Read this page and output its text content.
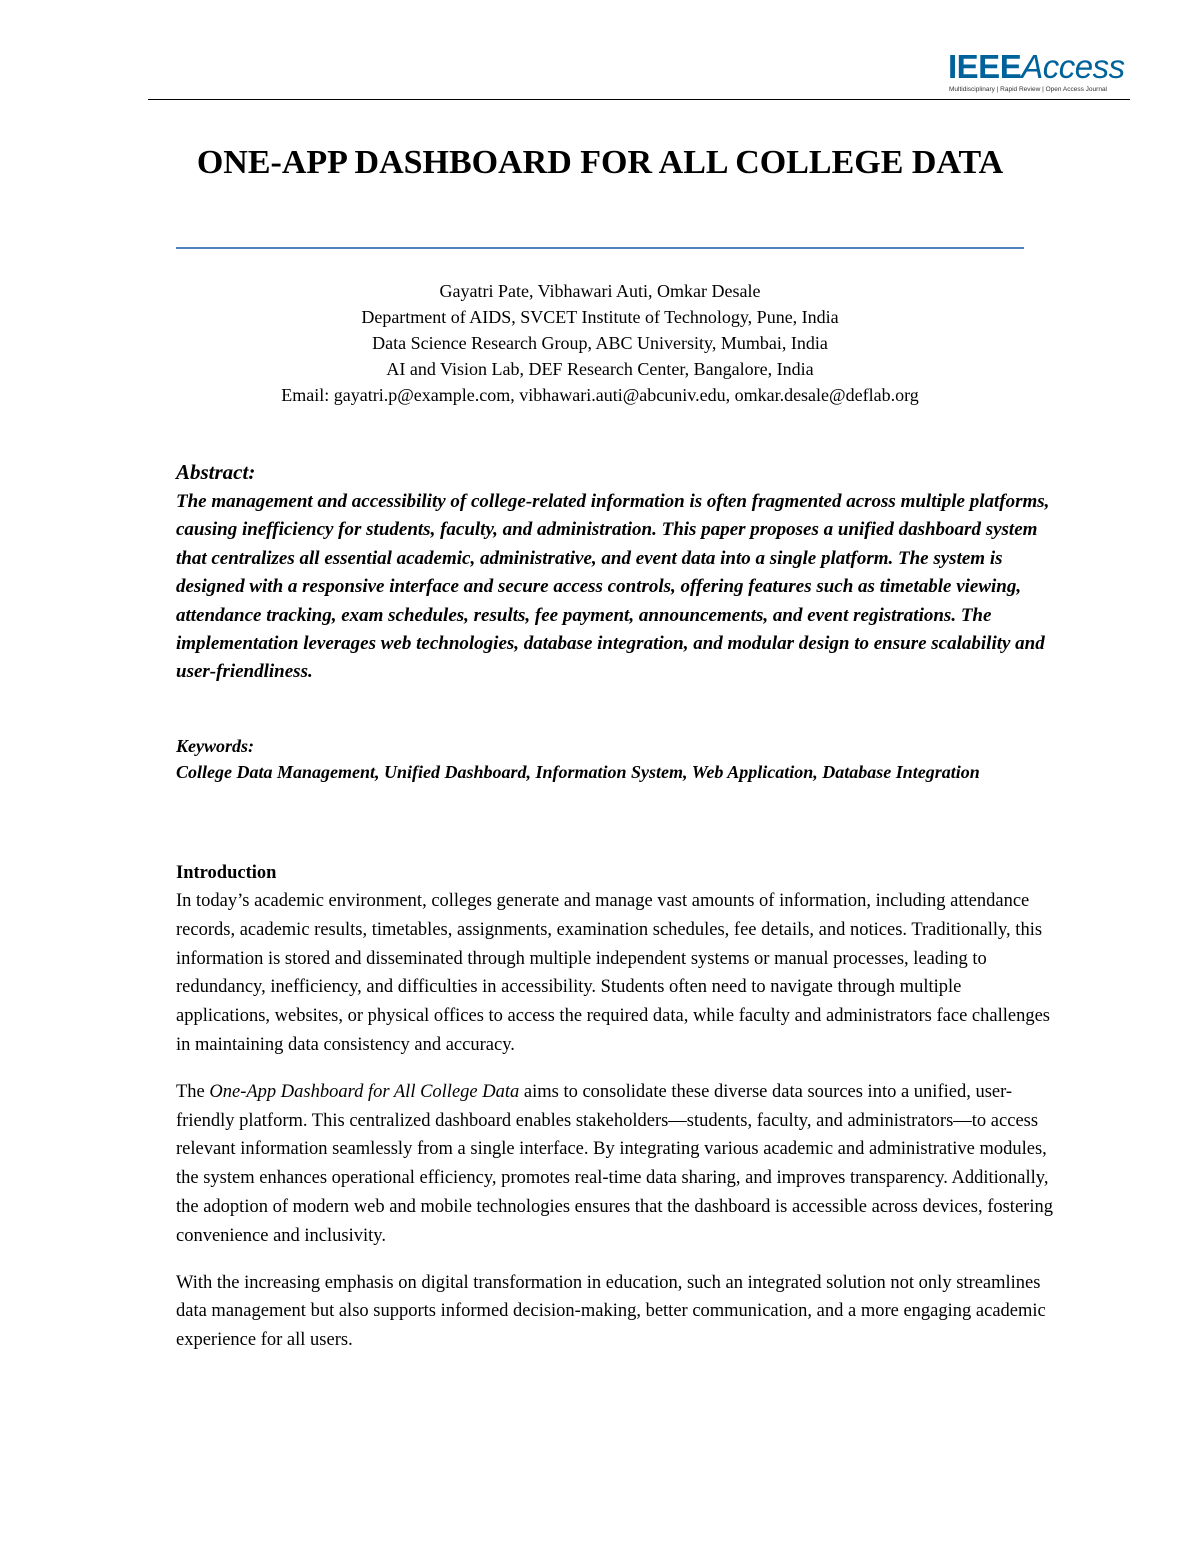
IEEEAccess
Multidisciplinary | Rapid Review | Open Access Journal
ONE-APP DASHBOARD FOR ALL COLLEGE DATA
Gayatri Pate, Vibhawari Auti, Omkar Desale
Department of AIDS, SVCET Institute of Technology, Pune, India
Data Science Research Group, ABC University, Mumbai, India
AI and Vision Lab, DEF Research Center, Bangalore, India
Email: gayatri.p@example.com, vibhawari.auti@abcuniv.edu, omkar.desale@deflab.org
Abstract:
The management and accessibility of college-related information is often fragmented across multiple platforms, causing inefficiency for students, faculty, and administration. This paper proposes a unified dashboard system that centralizes all essential academic, administrative, and event data into a single platform. The system is designed with a responsive interface and secure access controls, offering features such as timetable viewing, attendance tracking, exam schedules, results, fee payment, announcements, and event registrations. The implementation leverages web technologies, database integration, and modular design to ensure scalability and user-friendliness.
Keywords:
College Data Management, Unified Dashboard, Information System, Web Application, Database Integration
Introduction

In today’s academic environment, colleges generate and manage vast amounts of information, including attendance records, academic results, timetables, assignments, examination schedules, fee details, and notices. Traditionally, this information is stored and disseminated through multiple independent systems or manual processes, leading to redundancy, inefficiency, and difficulties in accessibility. Students often need to navigate through multiple applications, websites, or physical offices to access the required data, while faculty and administrators face challenges in maintaining data consistency and accuracy.

The One-App Dashboard for All College Data aims to consolidate these diverse data sources into a unified, user-friendly platform. This centralized dashboard enables stakeholders—students, faculty, and administrators—to access relevant information seamlessly from a single interface. By integrating various academic and administrative modules, the system enhances operational efficiency, promotes real-time data sharing, and improves transparency. Additionally, the adoption of modern web and mobile technologies ensures that the dashboard is accessible across devices, fostering convenience and inclusivity.

With the increasing emphasis on digital transformation in education, such an integrated solution not only streamlines data management but also supports informed decision-making, better communication, and a more engaging academic experience for all users.
